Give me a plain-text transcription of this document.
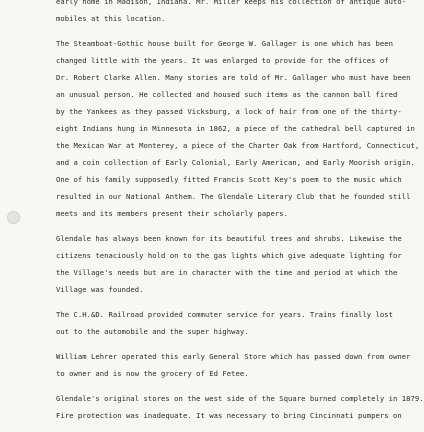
early home in Madison, Indiana. Mr. Miller keeps his collection of antique auto-
mobiles at this location.
The Steamboat-Gothic house built for George W. Gallager is one which has been
changed little with the years. It was enlarged to provide for the offices of
Dr. Robert Clarke Allen. Many stories are told of Mr. Gallager who must have been
an unusual person. He collected and housed such items as the cannon ball fired
by the Yankees as they passed Vicksburg, a lock of hair from one of the thirty-
eight Indians hung in Minnesota in 1862, a piece of the cathedral bell captured in
the Mexican War at Monterey, a piece of the Charter Oak from Hartford, Connecticut,
and a coin collection of Early Colonial, Early American, and Early Moorish origin.
One of his family supposedly fitted Francis Scott Key's poem to the music which
resulted in our National Anthem. The Glendale Literary Club that he founded still
meets and its members present their scholarly papers.
Glendale has always been known for its beautiful trees and shrubs. Likewise the
citizens tenaciously hold on to the gas lights which give adequate lighting for
the Village's needs but are in character with the time and period at which the
Village was founded.
The C.H.&D. Railroad provided commuter service for years. Trains finally lost
out to the automobile and the super highway.
William Lehrer operated this early General Store which has passed down from owner
to owner and is now the grocery of Ed Fetee.
Glendale's original stores on the west side of the Square burned completely in 1879.
Fire protection was inadequate. It was necessary to bring Cincinnati pumpers on
